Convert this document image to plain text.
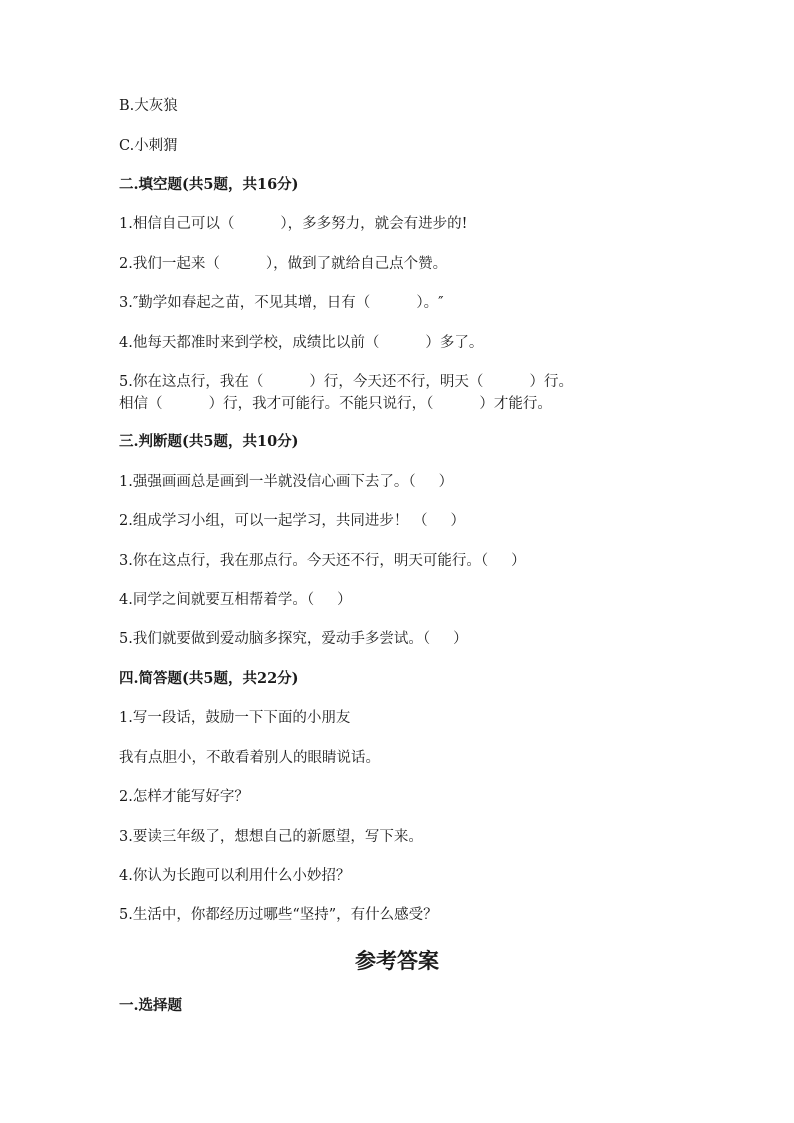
B.大灰狼
C.小刺猬
二.填空题(共5题，共16分)
1.相信自己可以（          ），多多努力，就会有进步的!
2.我们一起来（          ），做到了就给自己点个赞。
3.″勤学如春起之苗，不见其增，日有（          ）。″
4.他每天都准时来到学校，成绩比以前（          ）多了。
5.你在这点行，我在（          ）行，今天还不行，明天（          ）行。
相信（          ）行，我才可能行。不能只说行，（          ）才能行。
三.判断题(共5题，共10分)
1.强强画画总是画到一半就没信心画下去了。（     ）
2.组成学习小组，可以一起学习，共同进步！ （     ）
3.你在这点行，我在那点行。今天还不行，明天可能行。（     ）
4.同学之间就要互相帮着学。（     ）
5.我们就要做到爱动脑多探究，爱动手多尝试。（     ）
四.简答题(共5题，共22分)
1.写一段话，鼓励一下下面的小朋友
我有点胆小，不敢看着别人的眼睛说话。
2.怎样才能写好字？
3.要读三年级了，想想自己的新愿望，写下来。
4.你认为长跑可以利用什么小妙招？
5.生活中，你都经历过哪些“坚持”，有什么感受？
参考答案
一.选择题
